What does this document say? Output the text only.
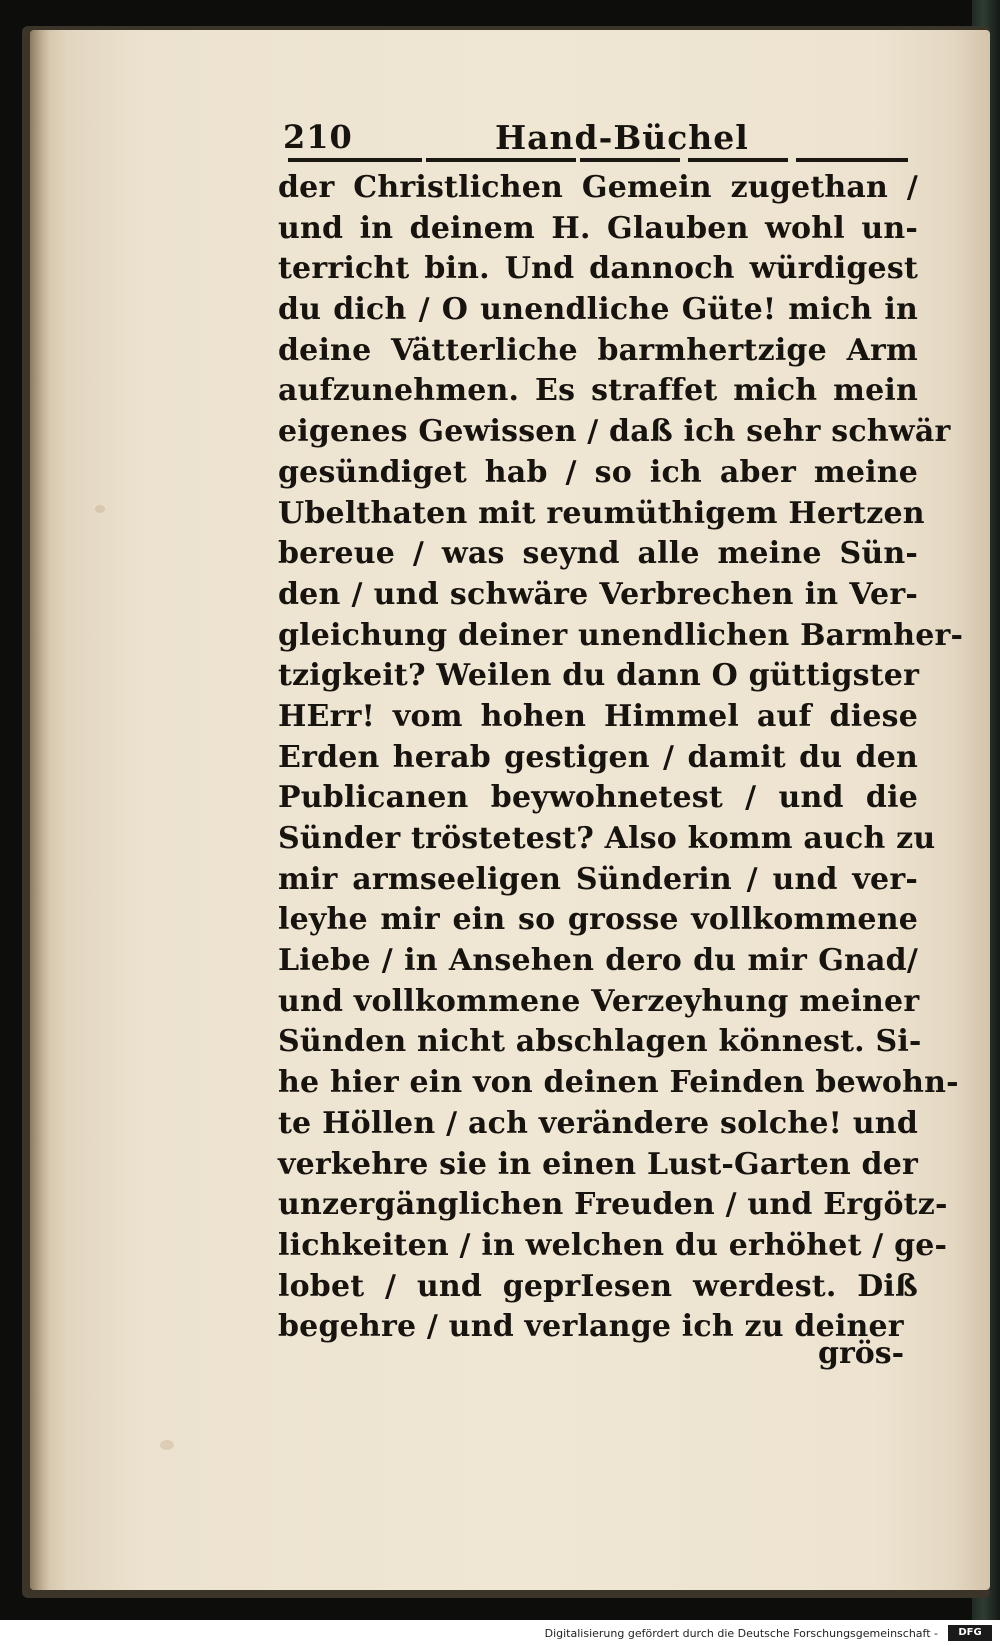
210	Hand-Büchel
der Christlichen Gemein zugethan /
und in deinem H. Glauben wohl un-
terricht bin. Und dannoch würdigest
du dich / O unendliche Güte! mich in
deine Vätterliche barmhertzige Arm
aufzunehmen. Es straffet mich mein
eigenes Gewissen / daß ich sehr schwär
gesündiget hab / so ich aber meine
Ubelthaten mit reumüthigem Hertzen
bereue / was seynd alle meine Sün-
den / und schwäre Verbrechen in Ver-
gleichung deiner unendlichen Barmher-
tzigkeit? Weilen du dann O güttigster
HErr! vom hohen Himmel auf diese
Erden herab gestigen / damit du den
Publicanen beywohnetest / und die
Sünder tröstetest? Also komm auch zu
mir armseeligen Sünderin / und ver-
leyhe mir ein so grosse vollkommene
Liebe / in Ansehen dero du mir Gnad/
und vollkommene Verzeyhung meiner
Sünden nicht abschlagen könnest. Si-
he hier ein von deinen Feinden bewohn-
te Höllen / ach verändere solche! und
verkehre sie in einen Lust-Garten der
unzergänglichen Freuden / und Ergötz-
lichkeiten / in welchen du erhöhet / ge-
lobet / und geprIesen werdest. Diß
begehre / und verlange ich zu deiner
grös-
Digitalisierung gefördert durch die Deutsche Forschungsgemeinschaft -	DFG
